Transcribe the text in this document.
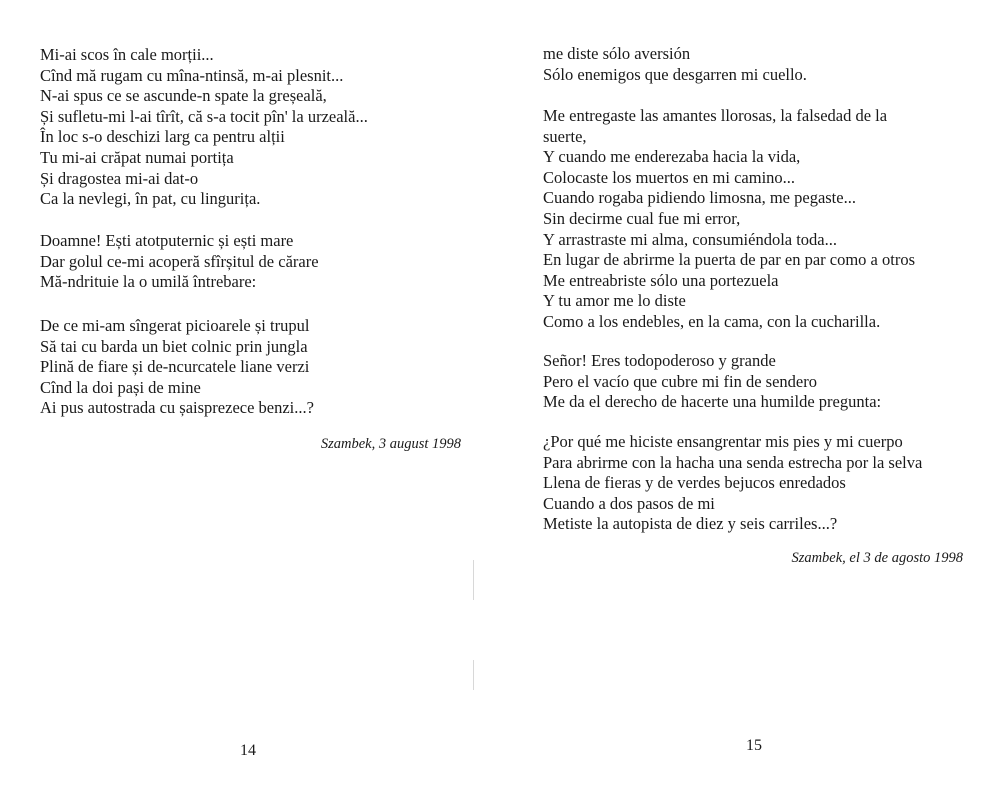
Mi-ai scos în cale morții...
Cînd mă rugam cu mîna-ntinsă, m-ai plesnit...
N-ai spus ce se ascunde-n spate la greșeală,
Și sufletu-mi l-ai tîrît, că s-a tocit pîn' la urzeală...
În loc s-o deschizi larg ca pentru alții
Tu mi-ai crăpat numai portița
Și dragostea mi-ai dat-o
Ca la nevlegi, în pat, cu lingurița.
Doamne! Ești atotputernic și ești mare
Dar golul ce-mi acoperă sfîrșitul de cărare
Mă-ndrituie la o umilă întrebare:
De ce mi-am sîngerat picioarele și trupul
Să tai cu barda un biet colnic prin jungla
Plină de fiare și de-ncurcatele liane verzi
Cînd la doi pași de mine
Ai pus autostrada cu șaisprezece benzi...?
Szambek, 3 august 1998
14
me diste sólo aversión
Sólo enemigos que desgarren mi cuello.
Me entregaste las amantes llorosas, la falsedad de la suerte,
Y cuando me enderezaba hacia la vida,
Colocaste los muertos en mi camino...
Cuando rogaba pidiendo limosna, me pegaste...
Sin decirme cual fue mi error,
Y arrastraste mi alma, consumiéndola toda...
En lugar de abrirme la puerta de par en par como a otros
Me entreabriste sólo una portezuela
Y tu amor me lo diste
Como a los endebles, en la cama, con la cucharilla.
Señor! Eres todopoderoso y grande
Pero el vacío que cubre mi fin de sendero
Me da el derecho de hacerte una humilde pregunta:
¿Por qué me hiciste ensangrentar mis pies y mi cuerpo
Para abrirme con la hacha una senda estrecha por la selva
Llena de fieras y de verdes bejucos enredados
Cuando a dos pasos de mi
Metiste la autopista de diez y seis carriles...?
Szambek, el 3 de agosto 1998
15
